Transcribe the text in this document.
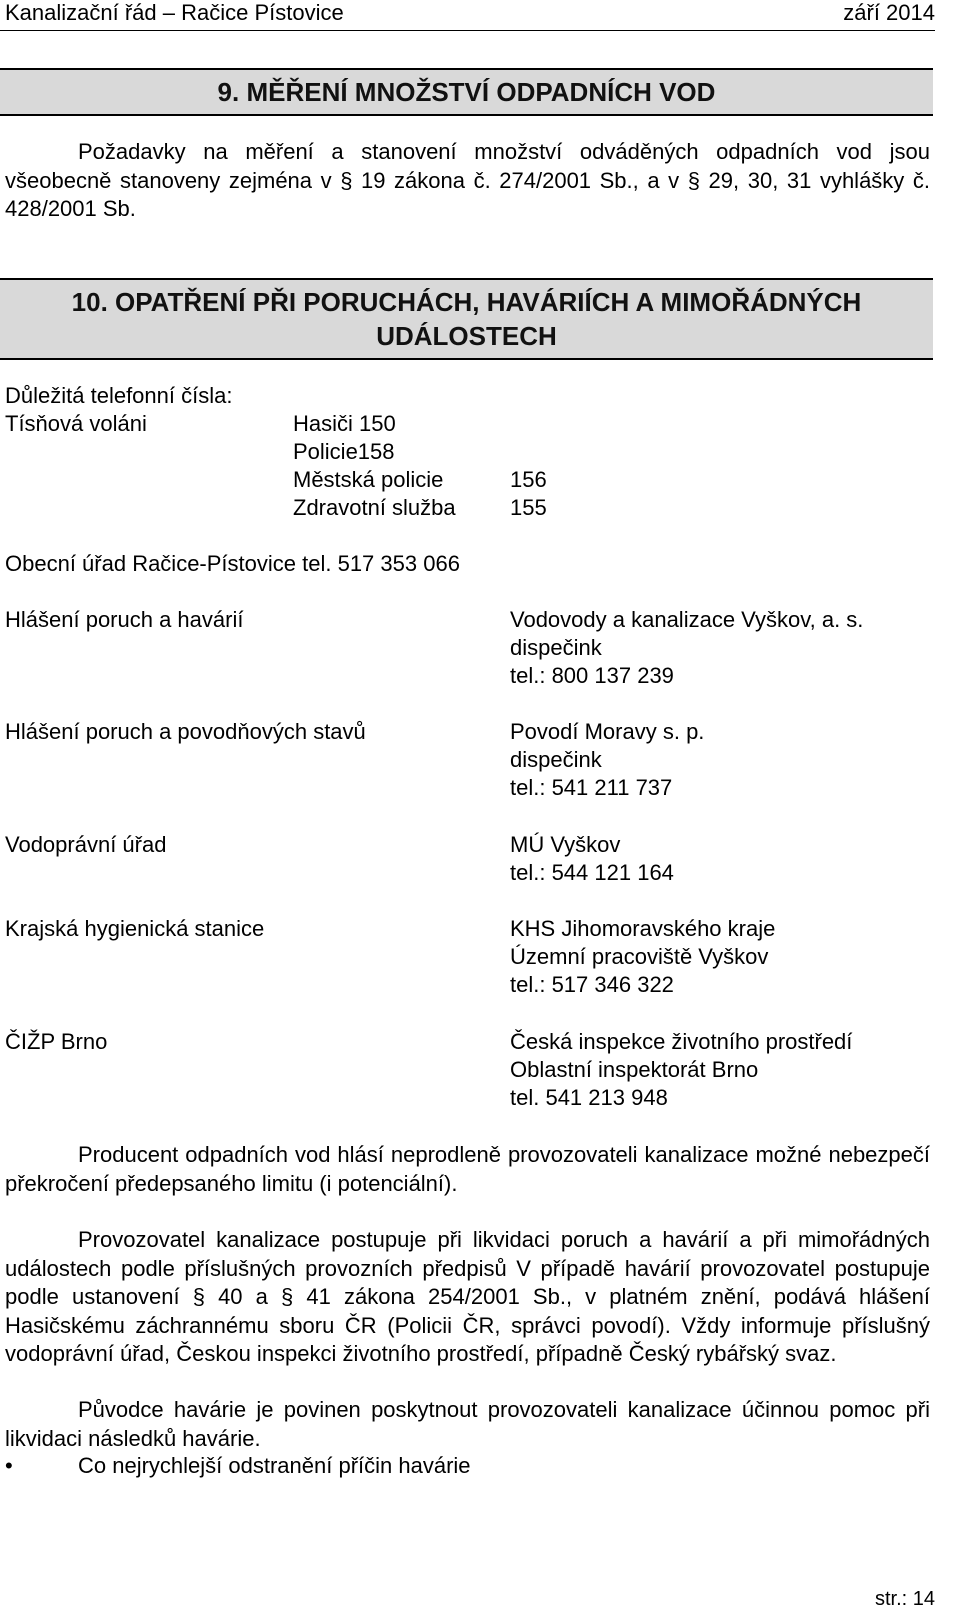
Kanalizační řád – Račice Pístovice	září 2014
9. MĚŘENÍ MNOŽSTVÍ ODPADNÍCH VOD

Požadavky na měření a stanovení množství odváděných odpadních vod jsou všeobecně stanoveny zejména v § 19 zákona č. 274/2001 Sb., a v § 29, 30, 31 vyhlášky č. 428/2001 Sb.

10. OPATŘENÍ PŘI PORUCHÁCH, HAVÁRIÍCH A MIMOŘÁDNÝCH
UDÁLOSTECH
Důležitá telefonní čísla:
Tísňová voláni	Hasiči 150
Policie158
Městská policie	156
Zdravotní služba 155
Obecní úřad Račice-Pístovice tel. 517 353 066
Hlášení poruch a havárií	Vodovody a kanalizace Vyškov, a. s.
dispečink
tel.: 800 137 239
Hlášení poruch a povodňových stavů	Povodí Moravy s. p.
dispečink
tel.: 541 211 737
Vodoprávní úřad	MÚ Vyškov
tel.: 544 121 164
Krajská hygienická stanice	KHS Jihomoravského kraje
Územní pracoviště Vyškov
tel.: 517 346 322
ČIŽP Brno	Česká inspekce životního prostředí
Oblastní inspektorát Brno
tel. 541 213 948

Producent odpadních vod hlásí neprodleně provozovateli kanalizace možné nebezpečí překročení předepsaného limitu (i potenciální).

Provozovatel kanalizace postupuje při likvidaci poruch a havárií a při mimořádných událostech podle příslušných provozních předpisů V případě havárií provozovatel postupuje podle ustanovení § 40 a § 41 zákona 254/2001 Sb., v platném znění, podává hlášení Hasičskému záchrannému sboru ČR (Policii ČR, správci povodí). Vždy informuje příslušný vodoprávní úřad, Českou inspekci životního prostředí, případně Český rybářský svaz.

Původce havárie je povinen poskytnout provozovateli kanalizace účinnou pomoc při likvidaci následků havárie.

•	Co nejrychlejší odstranění příčin havárie
str.: 14
